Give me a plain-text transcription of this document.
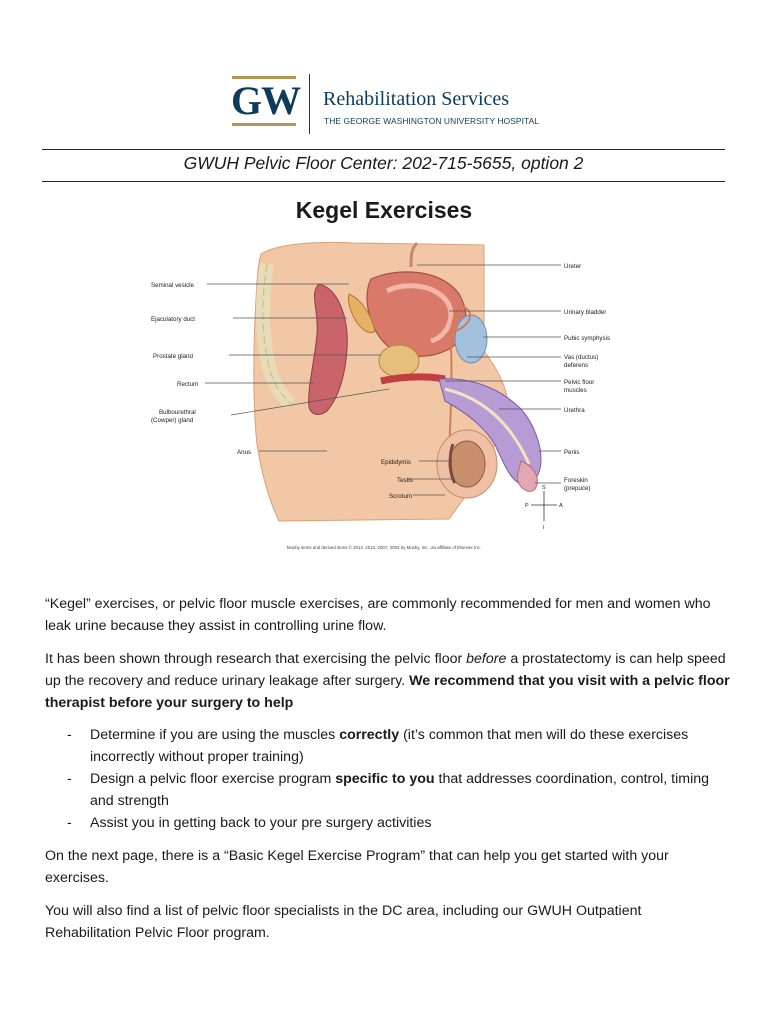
GW Rehabilitation Services
THE GEORGE WASHINGTON UNIVERSITY HOSPITAL
GWUH Pelvic Floor Center: 202-715-5655, option 2
Kegel Exercises
Seminal vesicle
Ejaculatory duct
Prostate gland
Rectum
Bulbourethral
(Cowper) gland
Anus
Ureter
Urinary bladder
Pubic symphysis
Vas (ductus)
deferens
Pelvic floor
muscles
Urethra
Penis
Foreskin
(prepuce)
Epididymis
Testis
Scrotum
S
P	A
I
Mosby items and derived items © 2013, 2010, 2007, 2003 by Mosby, Inc., an affiliate of Elsevier Inc.

“Kegel” exercises, or pelvic floor muscle exercises, are commonly recommended for men and women who leak urine because they assist in controlling urine flow.

It has been shown through research that exercising the pelvic floor before a prostatectomy is can help speed up the recovery and reduce urinary leakage after surgery. We recommend that you visit with a pelvic floor therapist before your surgery to help

- Determine if you are using the muscles correctly (it’s common that men will do these exercises incorrectly without proper training)
- Design a pelvic floor exercise program specific to you that addresses coordination, control, timing and strength
- Assist you in getting back to your pre surgery activities

On the next page, there is a “Basic Kegel Exercise Program” that can help you get started with your exercises.

You will also find a list of pelvic floor specialists in the DC area, including our GWUH Outpatient Rehabilitation Pelvic Floor program.
